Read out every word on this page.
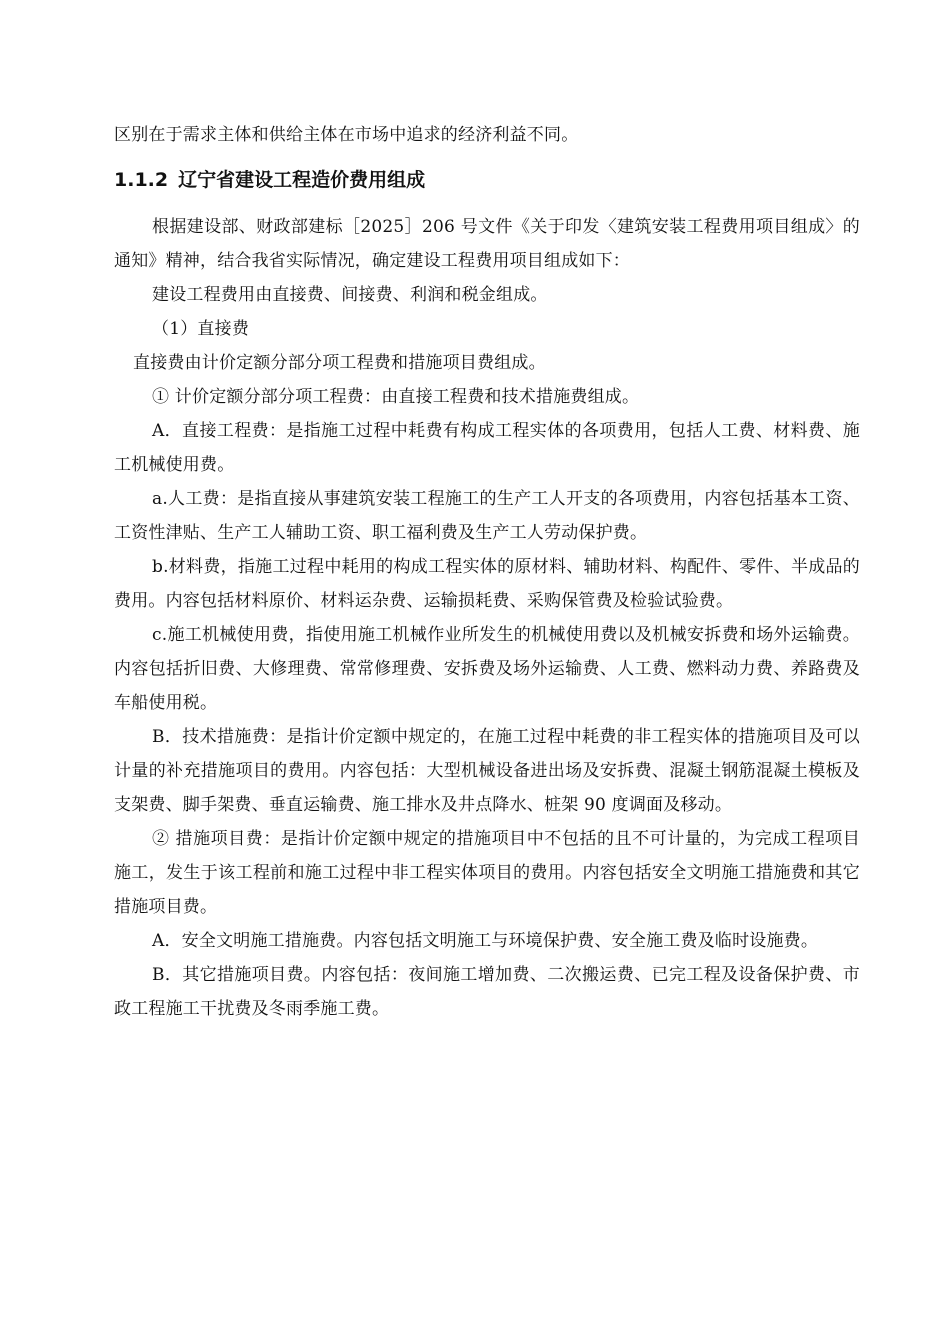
区别在于需求主体和供给主体在市场中追求的经济利益不同。

1.1.2 辽宁省建设工程造价费用组成

根据建设部、财政部建标［2025］206 号文件《关于印发〈建筑安装工程费用项目组成〉的通知》精神，结合我省实际情况，确定建设工程费用项目组成如下：

建设工程费用由直接费、间接费、利润和税金组成。

（1）直接费

直接费由计价定额分部分项工程费和措施项目费组成。

① 计价定额分部分项工程费：由直接工程费和技术措施费组成。

A．直接工程费：是指施工过程中耗费有构成工程实体的各项费用，包括人工费、材料费、施工机械使用费。

a.人工费：是指直接从事建筑安装工程施工的生产工人开支的各项费用，内容包括基本工资、工资性津贴、生产工人辅助工资、职工福利费及生产工人劳动保护费。

b.材料费，指施工过程中耗用的构成工程实体的原材料、辅助材料、构配件、零件、半成品的费用。内容包括材料原价、材料运杂费、运输损耗费、采购保管费及检验试验费。

c.施工机械使用费，指使用施工机械作业所发生的机械使用费以及机械安拆费和场外运输费。内容包括折旧费、大修理费、常常修理费、安拆费及场外运输费、人工费、燃料动力费、养路费及车船使用税。

B．技术措施费：是指计价定额中规定的，在施工过程中耗费的非工程实体的措施项目及可以计量的补充措施项目的费用。内容包括：大型机械设备进出场及安拆费、混凝土钢筋混凝土模板及支架费、脚手架费、垂直运输费、施工排水及井点降水、桩架 90 度调面及移动。

② 措施项目费：是指计价定额中规定的措施项目中不包括的且不可计量的，为完成工程项目施工，发生于该工程前和施工过程中非工程实体项目的费用。内容包括安全文明施工措施费和其它措施项目费。

A．安全文明施工措施费。内容包括文明施工与环境保护费、安全施工费及临时设施费。

B．其它措施项目费。内容包括：夜间施工增加费、二次搬运费、已完工程及设备保护费、市政工程施工干扰费及冬雨季施工费。
